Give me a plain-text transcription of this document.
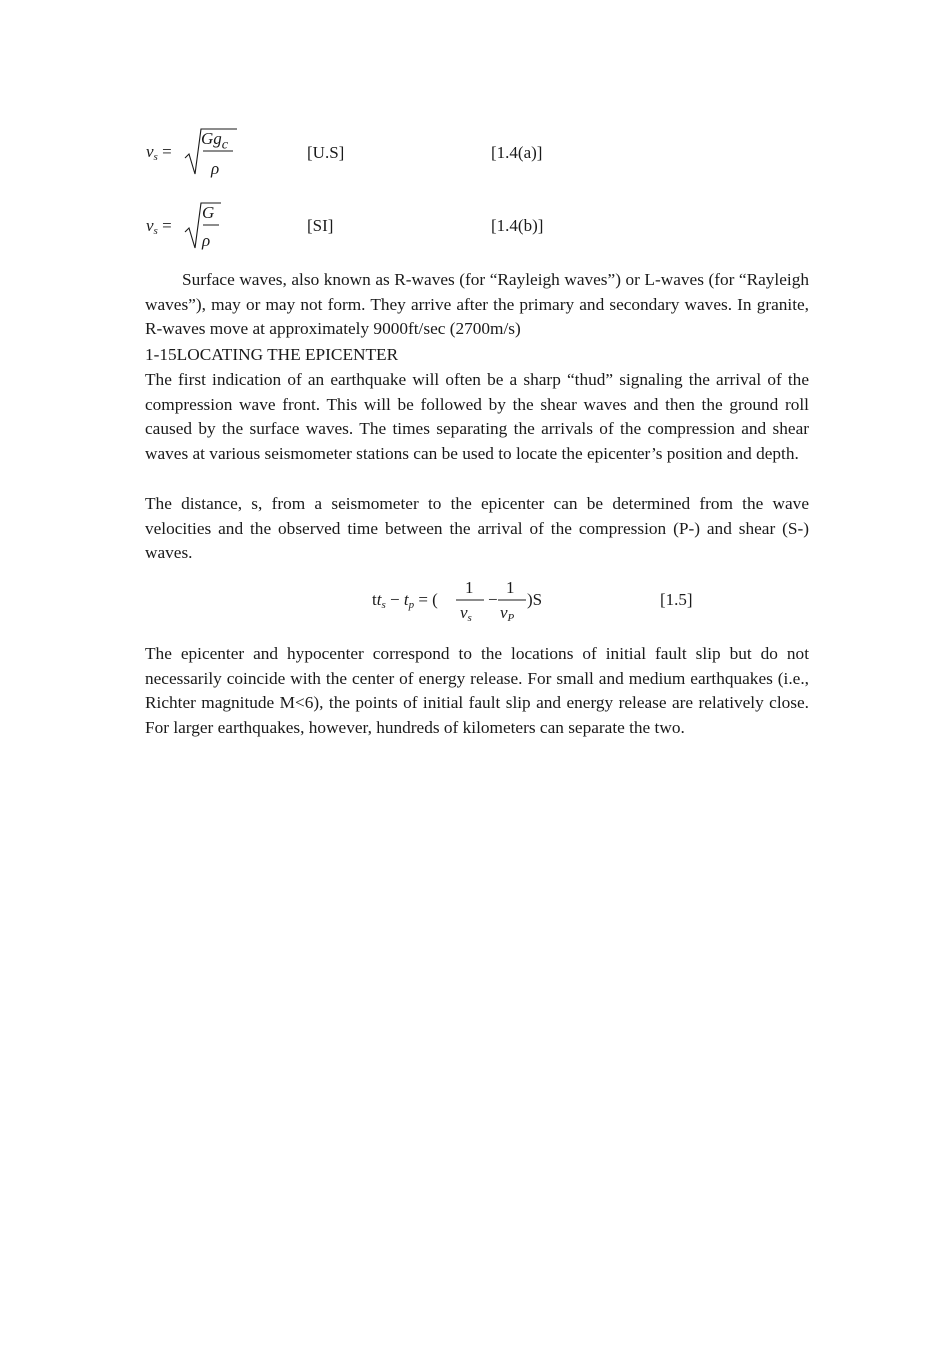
$v_s$ =
$Gg_c$
ρ
[U.S]	[1.4(a)]
$v_s$ =
G
ρ
[SI]	[1.4(b)]
Surface waves, also known as R-waves (for “Rayleigh waves”) or L-waves (for “Rayleigh waves”), may or may not form. They arrive after the primary and secondary waves. In granite, R-waves move at approximately 9000ft/sec (2700m/s)
1-15LOCATING THE EPICENTER
The first indication of an earthquake will often be a sharp “thud” signaling the arrival of the compression wave front. This will be followed by the shear waves and then the ground roll caused by the surface waves. The times separating the arrivals of the compression and shear waves at various seismometer stations can be used to locate the epicenter’s position and depth.
The distance, s, from a seismometer to the epicenter can be determined from the wave velocities and the observed time between the arrival of the compression (P-) and shear (S-) waves.
$tt_s - t_p$ = (
1
$v_s$
−
1
$v_P$
)S	[1.5]
The epicenter and hypocenter correspond to the locations of initial fault slip but do not necessarily coincide with the center of energy release. For small and medium earthquakes (i.e., Richter magnitude M<6), the points of initial fault slip and energy release are relatively close. For larger earthquakes, however, hundreds of kilometers can separate the two.
